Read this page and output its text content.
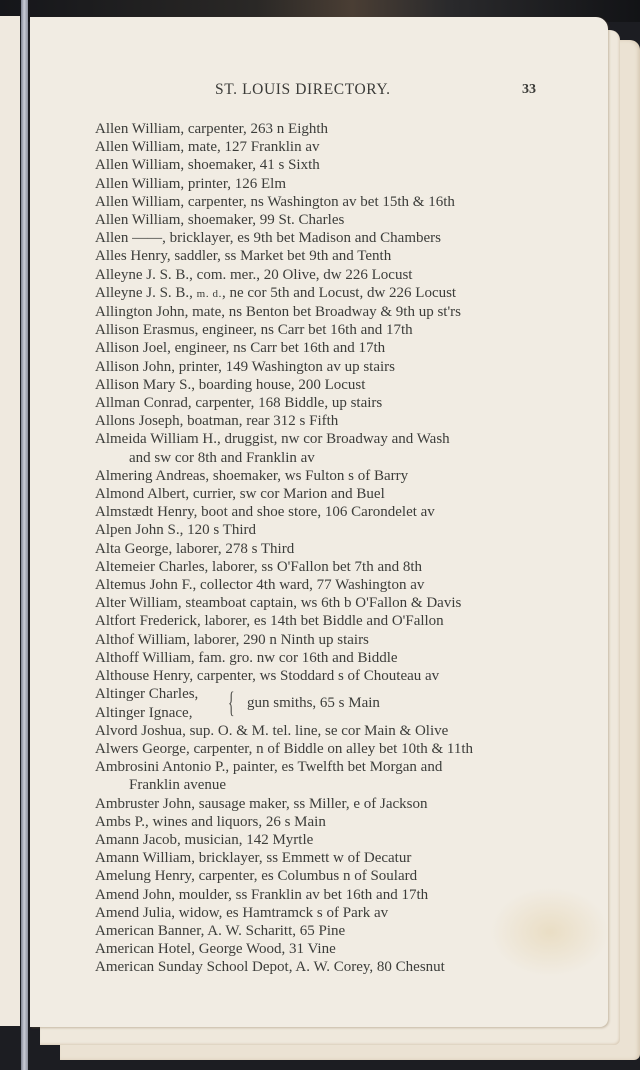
ST. LOUIS DIRECTORY.	33
Allen William, carpenter, 263 n Eighth
Allen William, mate, 127 Franklin av
Allen William, shoemaker, 41 s Sixth
Allen William, printer, 126 Elm
Allen William, carpenter, ns Washington av bet 15th & 16th
Allen William, shoemaker, 99 St. Charles
Allen ——, bricklayer, es 9th bet Madison and Chambers
Alles Henry, saddler, ss Market bet 9th and Tenth
Alleyne J. S. B., com. mer., 20 Olive, dw 226 Locust
Alleyne J. S. B., m. d., ne cor 5th and Locust, dw 226 Locust
Allington John, mate, ns Benton bet Broadway & 9th up st'rs
Allison Erasmus, engineer, ns Carr bet 16th and 17th
Allison Joel, engineer, ns Carr bet 16th and 17th
Allison John, printer, 149 Washington av up stairs
Allison Mary S., boarding house, 200 Locust
Allman Conrad, carpenter, 168 Biddle, up stairs
Allons Joseph, boatman, rear 312 s Fifth
Almeida William H., druggist, nw cor Broadway and Wash
and sw cor 8th and Franklin av
Almering Andreas, shoemaker, ws Fulton s of Barry
Almond Albert, currier, sw cor Marion and Buel
Almstædt Henry, boot and shoe store, 106 Carondelet av
Alpen John S., 120 s Third
Alta George, laborer, 278 s Third
Altemeier Charles, laborer, ss O'Fallon bet 7th and 8th
Altemus John F., collector 4th ward, 77 Washington av
Alter William, steamboat captain, ws 6th b O'Fallon & Davis
Altfort Frederick, laborer, es 14th bet Biddle and O'Fallon
Althof William, laborer, 290 n Ninth up stairs
Althoff William, fam. gro. nw cor 16th and Biddle
Althouse Henry, carpenter, ws Stoddard s of Chouteau av
Altinger Charles,
Altinger Ignace, { gun smiths, 65 s Main
Alvord Joshua, sup. O. & M. tel. line, se cor Main & Olive
Alwers George, carpenter, n of Biddle on alley bet 10th & 11th
Ambrosini Antonio P., painter, es Twelfth bet Morgan and
Franklin avenue
Ambruster John, sausage maker, ss Miller, e of Jackson
Ambs P., wines and liquors, 26 s Main
Amann Jacob, musician, 142 Myrtle
Amann William, bricklayer, ss Emmett w of Decatur
Amelung Henry, carpenter, es Columbus n of Soulard
Amend John, moulder, ss Franklin av bet 16th and 17th
Amend Julia, widow, es Hamtramck s of Park av
American Banner, A. W. Scharitt, 65 Pine
American Hotel, George Wood, 31 Vine
American Sunday School Depot, A. W. Corey, 80 Chesnut
